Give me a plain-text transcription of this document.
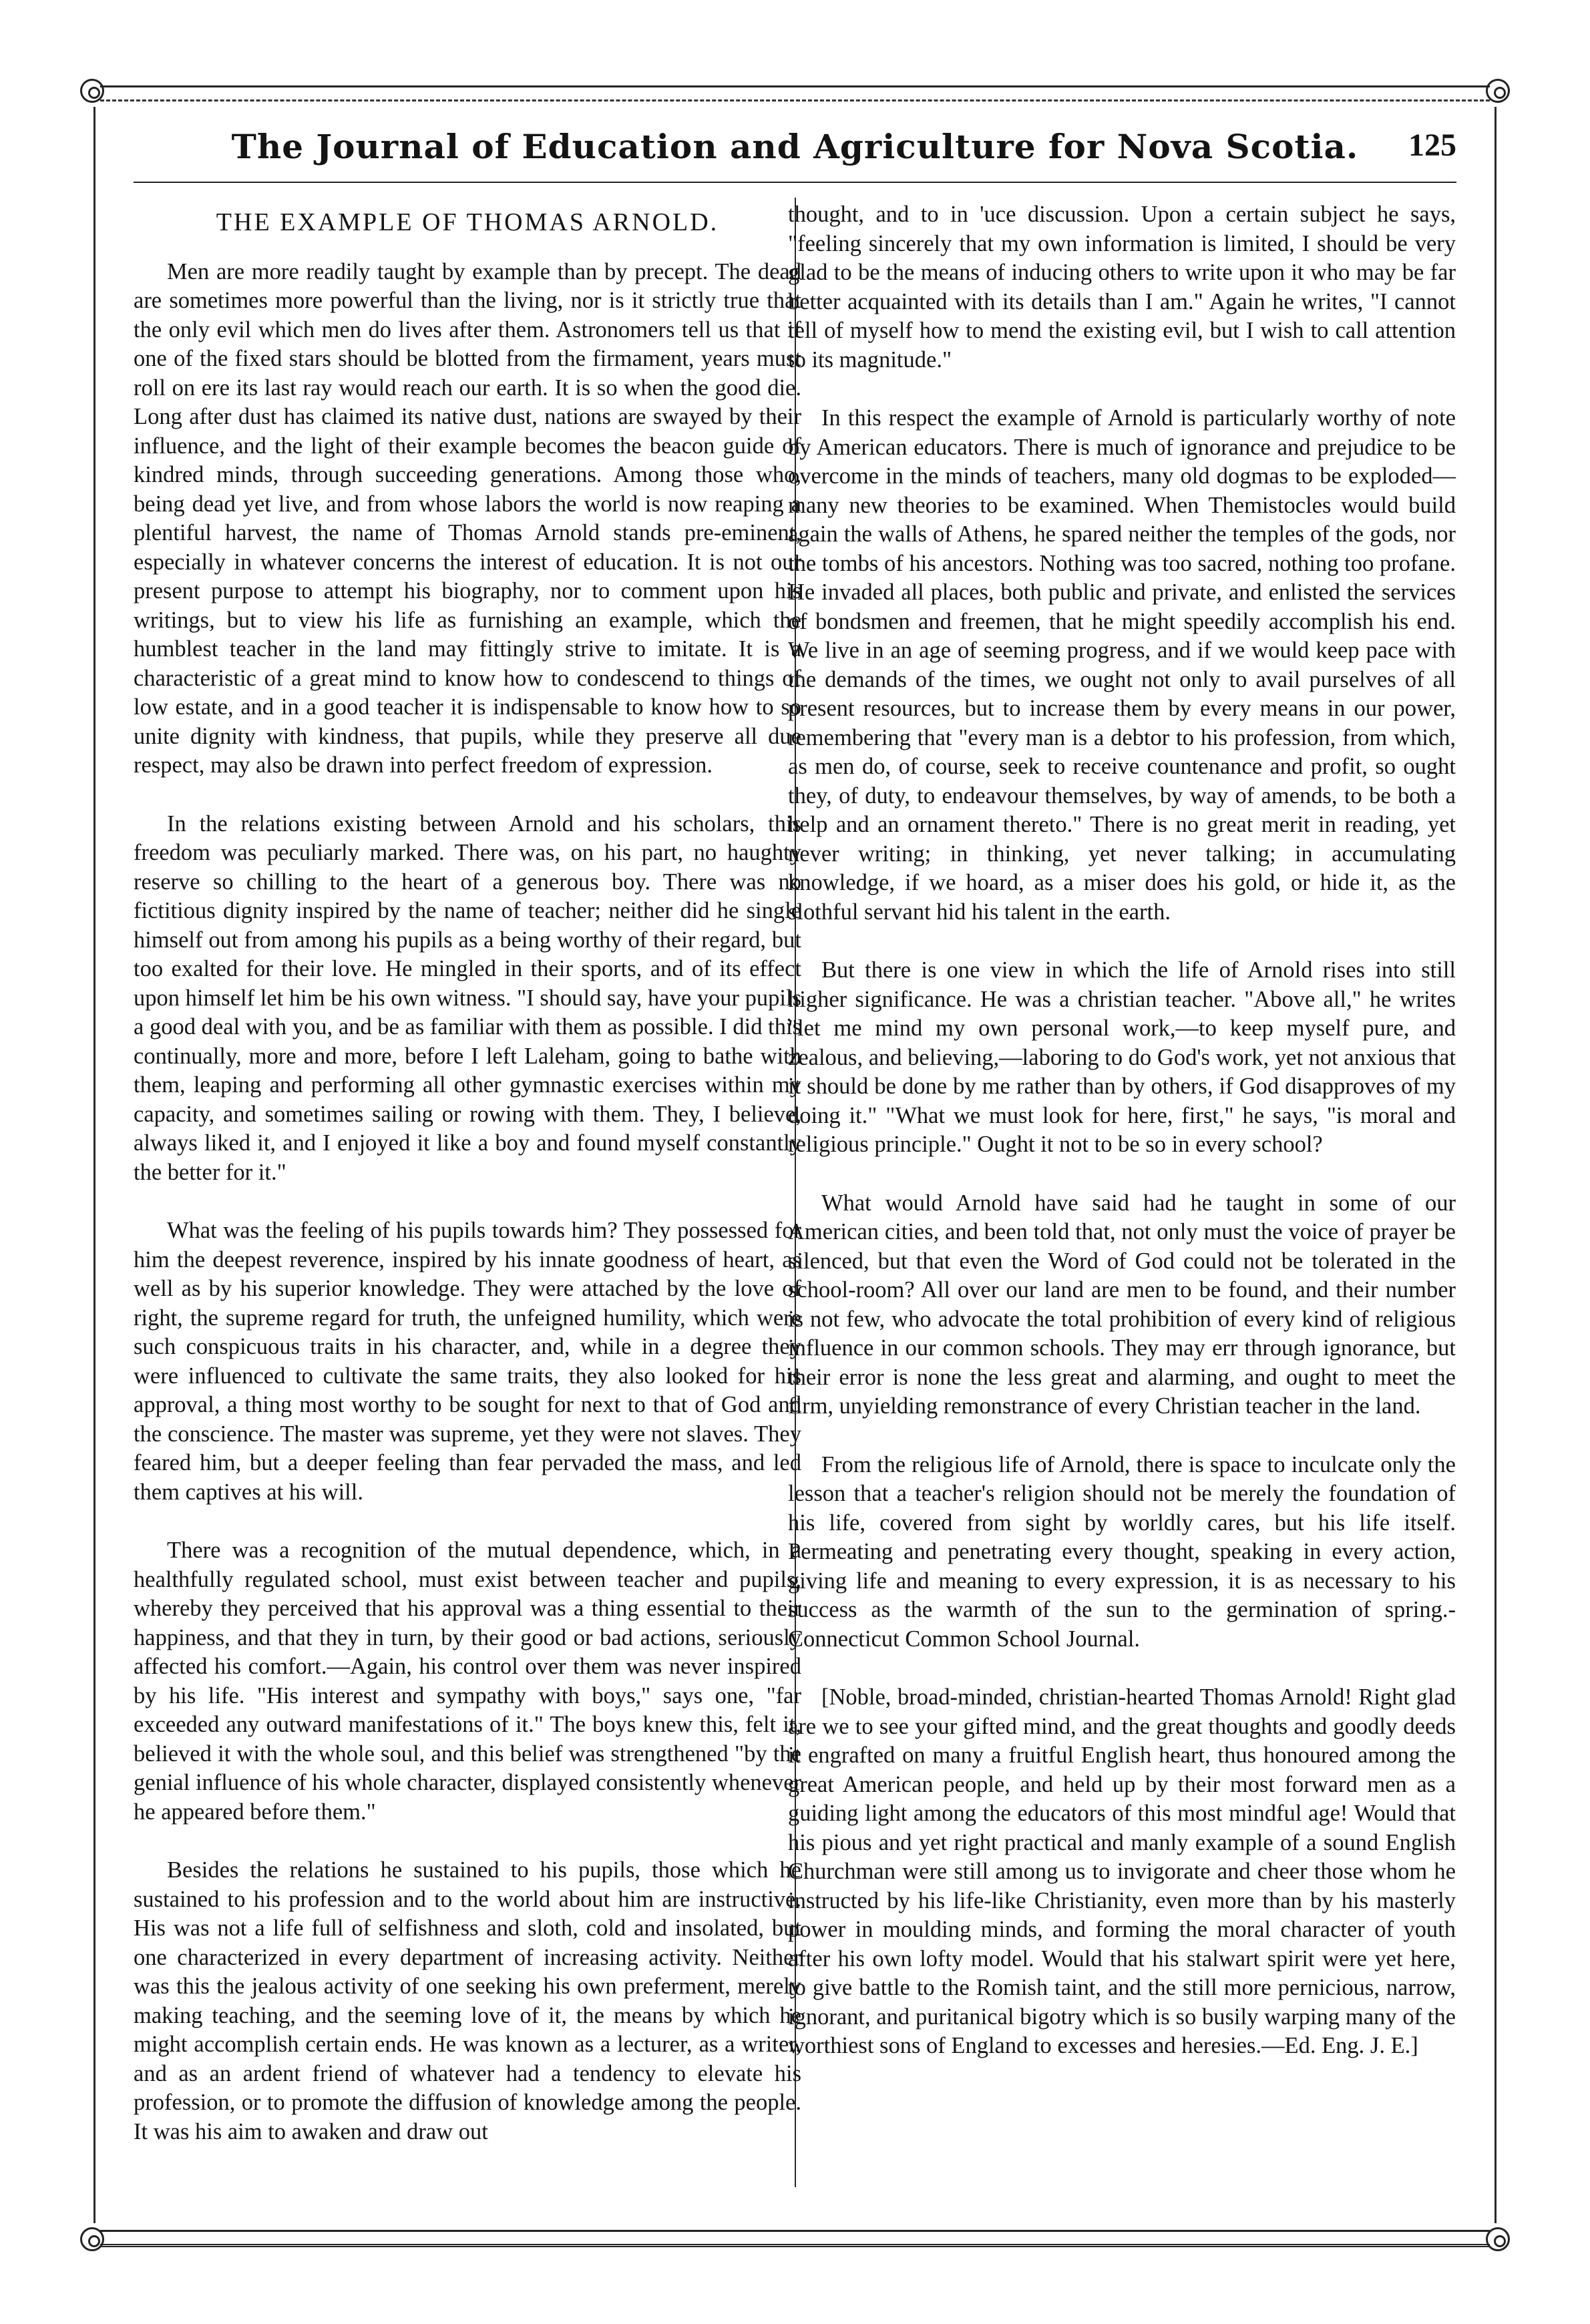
The Journal of Education and Agriculture for Nova Scotia.	125
THE EXAMPLE OF THOMAS ARNOLD.

Men are more readily taught by example than by precept. The dead are sometimes more powerful than the living, nor is it strictly true that the only evil which men do lives after them. Astronomers tell us that if one of the fixed stars should be blotted from the firmament, years must roll on ere its last ray would reach our earth. It is so when the good die. Long after dust has claimed its native dust, nations are swayed by their influence, and the light of their example becomes the beacon guide of kindred minds, through succeeding generations. Among those who, being dead yet live, and from whose labors the world is now reaping a plentiful harvest, the name of Thomas Arnold stands pre-eminent, especially in whatever concerns the interest of education. It is not our present purpose to attempt his biography, nor to comment upon his writings, but to view his life as furnishing an example, which the humblest teacher in the land may fittingly strive to imitate. It is a characteristic of a great mind to know how to condescend to things of low estate, and in a good teacher it is indispensable to know how to so unite dignity with kindness, that pupils, while they preserve all due respect, may also be drawn into perfect freedom of expression.

In the relations existing between Arnold and his scholars, this freedom was peculiarly marked. There was, on his part, no haughty reserve so chilling to the heart of a generous boy. There was no fictitious dignity inspired by the name of teacher; neither did he single himself out from among his pupils as a being worthy of their regard, but too exalted for their love. He mingled in their sports, and of its effect upon himself let him be his own witness. "I should say, have your pupils a good deal with you, and be as familiar with them as possible. I did this continually, more and more, before I left Laleham, going to bathe with them, leaping and performing all other gymnastic exercises within my capacity, and sometimes sailing or rowing with them. They, I believe, always liked it, and I enjoyed it like a boy and found myself constantly the better for it."

What was the feeling of his pupils towards him? They possessed for him the deepest reverence, inspired by his innate goodness of heart, as well as by his superior knowledge. They were attached by the love of right, the supreme regard for truth, the unfeigned humility, which were such conspicuous traits in his character, and, while in a degree they were influenced to cultivate the same traits, they also looked for his approval, a thing most worthy to be sought for next to that of God and the conscience. The master was supreme, yet they were not slaves. They feared him, but a deeper feeling than fear pervaded the mass, and led them captives at his will.

There was a recognition of the mutual dependence, which, in a healthfully regulated school, must exist between teacher and pupils, whereby they perceived that his approval was a thing essential to their happiness, and that they in turn, by their good or bad actions, seriously affected his comfort.—Again, his control over them was never inspired by his life. "His interest and sympathy with boys," says one, "far exceeded any outward manifestations of it." The boys knew this, felt it, believed it with the whole soul, and this belief was strengthened "by the genial influence of his whole character, displayed consistently whenever he appeared before them."

Besides the relations he sustained to his pupils, those which he sustained to his profession and to the world about him are instructive. His was not a life full of selfishness and sloth, cold and insolated, but one characterized in every department of increasing activity. Neither was this the jealous activity of one seeking his own preferment, merely making teaching, and the seeming love of it, the means by which he might accomplish certain ends. He was known as a lecturer, as a writer, and as an ardent friend of whatever had a tendency to elevate his profession, or to promote the diffusion of knowledge among the people. It was his aim to awaken and draw out

thought, and to in 'uce discussion. Upon a certain subject he says, "feeling sincerely that my own information is limited, I should be very glad to be the means of inducing others to write upon it who may be far better acquainted with its details than I am." Again he writes, "I cannot tell of myself how to mend the existing evil, but I wish to call attention to its magnitude."

In this respect the example of Arnold is particularly worthy of note by American educators. There is much of ignorance and prejudice to be overcome in the minds of teachers, many old dogmas to be exploded—many new theories to be examined. When Themistocles would build again the walls of Athens, he spared neither the temples of the gods, nor the tombs of his ancestors. Nothing was too sacred, nothing too profane. He invaded all places, both public and private, and enlisted the services of bondsmen and freemen, that he might speedily accomplish his end. We live in an age of seeming progress, and if we would keep pace with the demands of the times, we ought not only to avail purselves of all present resources, but to increase them by every means in our power, remembering that "every man is a debtor to his profession, from which, as men do, of course, seek to receive countenance and profit, so ought they, of duty, to endeavour themselves, by way of amends, to be both a help and an ornament thereto." There is no great merit in reading, yet never writing; in thinking, yet never talking; in accumulating knowledge, if we hoard, as a miser does his gold, or hide it, as the slothful servant hid his talent in the earth.

But there is one view in which the life of Arnold rises into still higher significance. He was a christian teacher. "Above all," he writes "let me mind my own personal work,—to keep myself pure, and zealous, and believing,—laboring to do God's work, yet not anxious that it should be done by me rather than by others, if God disapproves of my doing it." "What we must look for here, first," he says, "is moral and religious principle." Ought it not to be so in every school?

What would Arnold have said had he taught in some of our American cities, and been told that, not only must the voice of prayer be silenced, but that even the Word of God could not be tolerated in the school-room? All over our land are men to be found, and their number is not few, who advocate the total prohibition of every kind of religious influence in our common schools. They may err through ignorance, but their error is none the less great and alarming, and ought to meet the firm, unyielding remonstrance of every Christian teacher in the land.

From the religious life of Arnold, there is space to inculcate only the lesson that a teacher's religion should not be merely the foundation of his life, covered from sight by worldly cares, but his life itself. Permeating and penetrating every thought, speaking in every action, giving life and meaning to every expression, it is as necessary to his success as the warmth of the sun to the germination of spring.- Connecticut Common School Journal.

[Noble, broad-minded, christian-hearted Thomas Arnold! Right glad are we to see your gifted mind, and the great thoughts and goodly deeds it engrafted on many a fruitful English heart, thus honoured among the great American people, and held up by their most forward men as a guiding light among the educators of this most mindful age! Would that his pious and yet right practical and manly example of a sound English Churchman were still among us to invigorate and cheer those whom he instructed by his life-like Christianity, even more than by his masterly power in moulding minds, and forming the moral character of youth after his own lofty model. Would that his stalwart spirit were yet here, to give battle to the Romish taint, and the still more pernicious, narrow, ignorant, and puritanical bigotry which is so busily warping many of the worthiest sons of England to excesses and heresies.—Ed. Eng. J. E.]
